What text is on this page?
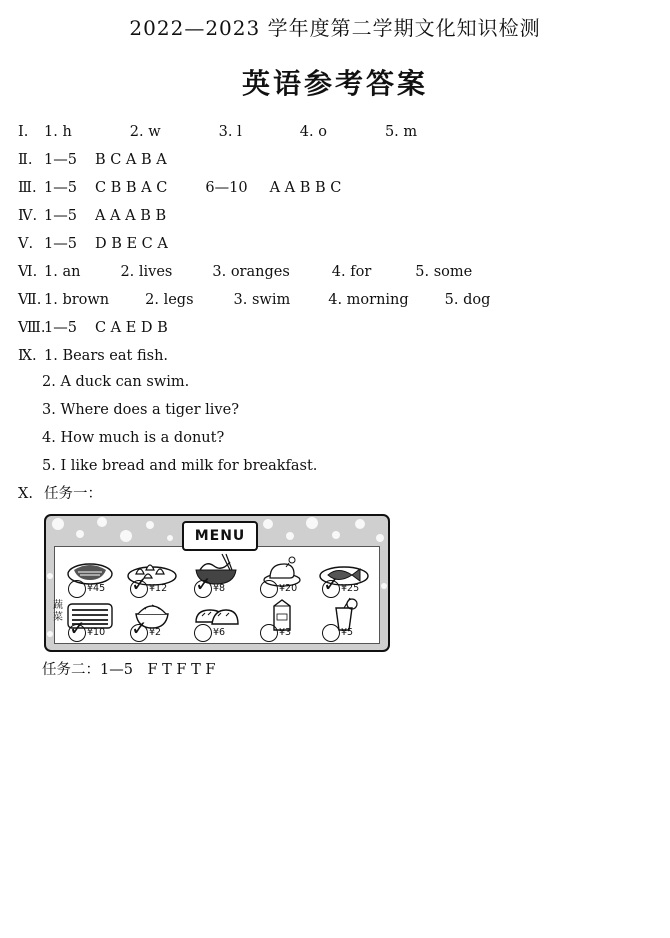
2022—2023 学年度第二学期文化知识检测
英语参考答案
Ⅰ. 1. h	2. w	3. l	4. o	5. m
Ⅱ. 1—5 B C A B A
Ⅲ. 1—5 C B B A C	6—10 A A B B C
Ⅳ. 1—5 A A A B B
Ⅴ. 1—5 D B E C A
Ⅵ. 1. an	2. lives	3. oranges	4. for	5. some
Ⅶ. 1. brown 2. legs	3. swim	4. morning 5. dog
Ⅷ.1—5 C A E D B
Ⅸ. 1. Bears eat fish.
2. A duck can swim.
3. Where does a tiger live?
4. How much is a donut?
5. I like bread and milk for breakfast.
Ⅹ. 任务一：
MENU
¥45 ✓ ¥12 ✓ ¥8	¥20 ✓ ¥25
✓ ¥10 ✓ ¥2	¥6	¥3	¥5
蔬菜
任务二：1—5　F T F T F
